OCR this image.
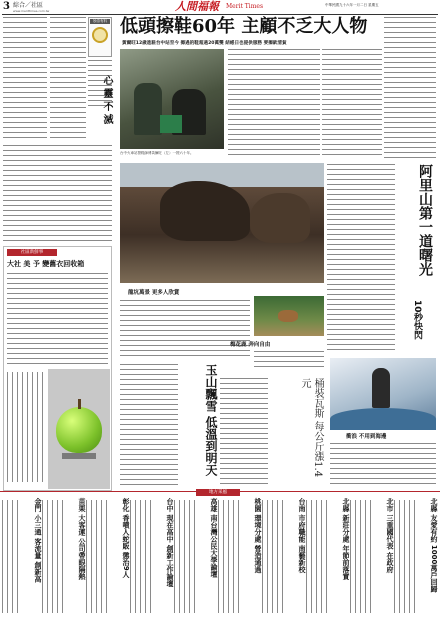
3 綜合／社區
www.merittimes.com.tw	人間福報 Merit Times	中華民國九十六年一月二日 星期五
妙語有料
心靈不滅
社區新鮮事
大社 美 予 變舊衣回收箱
低頭擦鞋60年 主顧不乏大人物
黃爾旺12歲進駐台中站至今 擦過的鞋超過20萬雙 結帳日也提供服務 要擦欽清貧
台中火車站擦鞋師傅黃爾旺（左）一擦六十年。
龍坑萬景 更多人欣賞
梅花鹿 奔向自由
阿里山第一道曙光
10秒快閃
玉山飄雪 低溫到明天	桶裝瓦斯 每公斤漲1.4元
衝浪 不用到海邊
地方采風
北縣 友愛有約 1000萬戶回歸
北市 三重國代表 在政府
北縣 新莊分處 年節前落實
台南 市府職能 南藝新校
桃園 環境分處 營造通過
高雄 南台灣公民大學論壇
台中 現在高中 創新工作論壇
彰化 香噴人蛇販 懲治9人
苗栗 大客運 公司帶眼隔熱
金門 小三通 客流量 創新高
